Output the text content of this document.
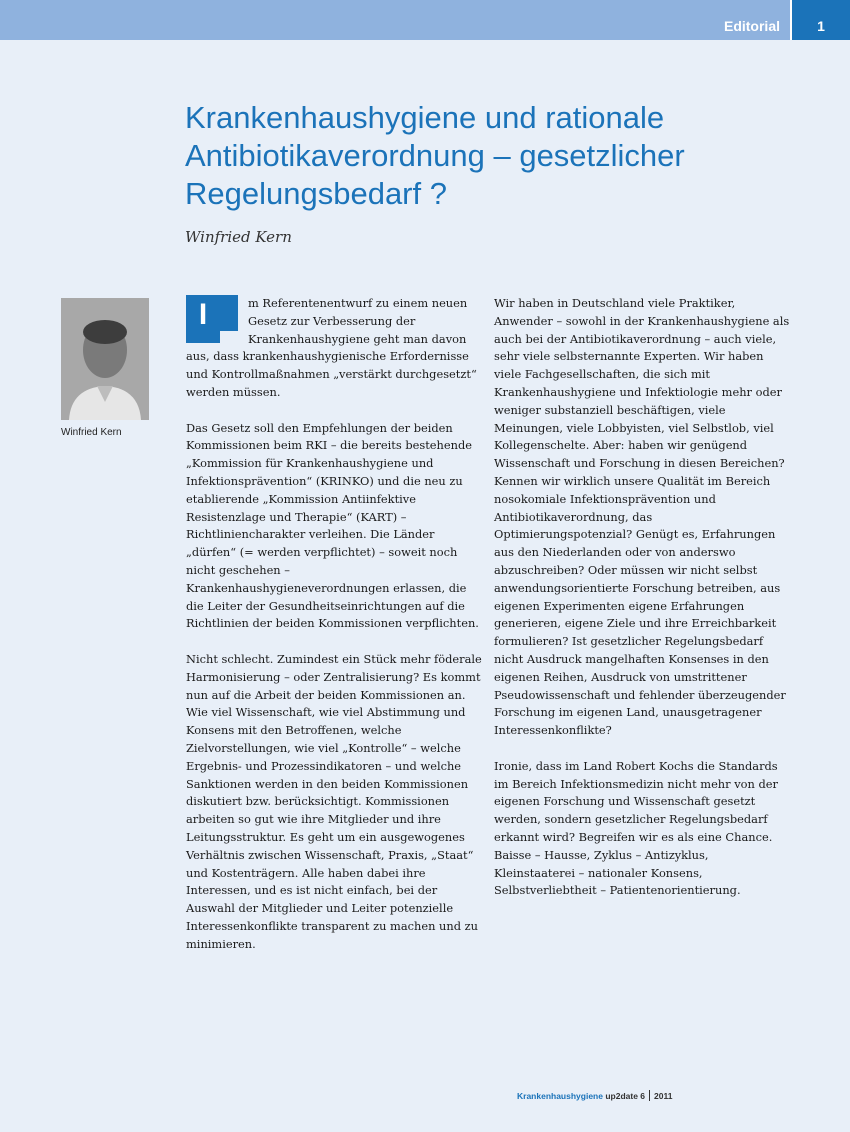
Editorial	1
Krankenhaushygiene und rationale Antibiotikaverordnung – gesetzlicher Regelungsbedarf ?

Winfried Kern

Winfried Kern
I	m Referentenentwurf zu einem neuen Gesetz zur Verbesserung der Krankenhaushygiene geht man davon aus, dass krankenhaushygienische Erfordernisse und Kontrollmaßnahmen „verstärkt durchgesetzt“ werden müssen.

Das Gesetz soll den Empfehlungen der beiden Kommissionen beim RKI – die bereits bestehende „Kommission für Krankenhaushygiene und Infektionsprävention“ (KRINKO) und die neu zu etablierende „Kommission Antiinfektive Resistenzlage und Therapie“ (KART) – Richtliniencharakter verleihen. Die Länder „dürfen“ (= werden verpflichtet) – soweit noch nicht geschehen – Krankenhaushygieneverordnungen erlassen, die die Leiter der Gesundheitseinrichtungen auf die Richtlinien der beiden Kommissionen verpflichten.

Nicht schlecht. Zumindest ein Stück mehr föderale Harmonisierung – oder Zentralisierung? Es kommt nun auf die Arbeit der beiden Kommissionen an. Wie viel Wissenschaft, wie viel Abstimmung und Konsens mit den Betroffenen, welche Zielvorstellungen, wie viel „Kontrolle“ – welche Ergebnis- und Prozessindikatoren – und welche Sanktionen werden in den beiden Kommissionen diskutiert bzw. berücksichtigt. Kommissionen arbeiten so gut wie ihre Mitglieder und ihre Leitungsstruktur. Es geht um ein ausgewogenes Verhältnis zwischen Wissenschaft, Praxis, „Staat“ und Kostenträgern. Alle haben dabei ihre Interessen, und es ist nicht einfach, bei der Auswahl der Mitglieder und Leiter potenzielle Interessenkonflikte transparent zu machen und zu minimieren.

Wir haben in Deutschland viele Praktiker, Anwender – sowohl in der Krankenhaushygiene als auch bei der Antibiotikaverordnung – auch viele, sehr viele selbsternannte Experten. Wir haben viele Fachgesellschaften, die sich mit Krankenhaushygiene und Infektiologie mehr oder weniger substanziell beschäftigen, viele Meinungen, viele Lobbyisten, viel Selbstlob, viel Kollegenschelte. Aber: haben wir genügend Wissenschaft und Forschung in diesen Bereichen? Kennen wir wirklich unsere Qualität im Bereich nosokomiale Infektionsprävention und Antibiotikaverordnung, das Optimierungspotenzial? Genügt es, Erfahrungen aus den Niederlanden oder von anderswo abzuschreiben? Oder müssen wir nicht selbst anwendungsorientierte Forschung betreiben, aus eigenen Experimenten eigene Erfahrungen generieren, eigene Ziele und ihre Erreichbarkeit formulieren? Ist gesetzlicher Regelungsbedarf nicht Ausdruck mangelhaften Konsenses in den eigenen Reihen, Ausdruck von umstrittener Pseudowissenschaft und fehlender überzeugender Forschung im eigenen Land, unausgetragener Interessenkonflikte?

Ironie, dass im Land Robert Kochs die Standards im Bereich Infektionsmedizin nicht mehr von der eigenen Forschung und Wissenschaft gesetzt werden, sondern gesetzlicher Regelungsbedarf erkannt wird? Begreifen wir es als eine Chance. Baisse – Hausse, Zyklus – Antizyklus, Kleinstaaterei – nationaler Konsens, Selbstverliebtheit – Patientenorientierung.

Krankenhaushygiene up2date 6 2011
